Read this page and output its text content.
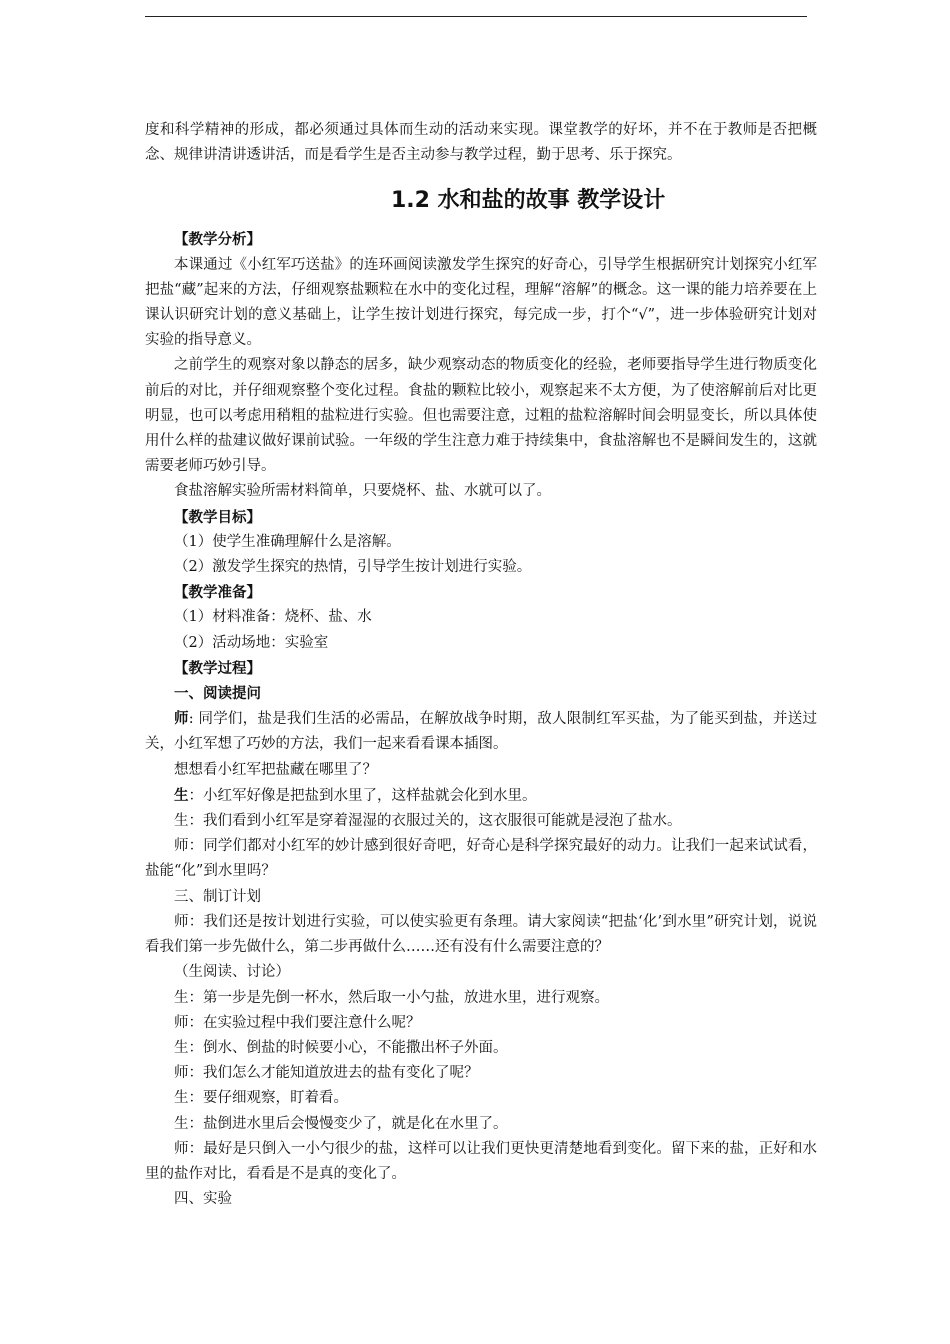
度和科学精神的形成，都必须通过具体而生动的活动来实现。课堂教学的好坏，并不在于教师是否把概念、规律讲清讲透讲活，而是看学生是否主动参与教学过程，勤于思考、乐于探究。

1.2 水和盐的故事 教学设计

【教学分析】

本课通过《小红军巧送盐》的连环画阅读激发学生探究的好奇心，引导学生根据研究计划探究小红军把盐“藏”起来的方法，仔细观察盐颗粒在水中的变化过程，理解“溶解”的概念。这一课的能力培养要在上课认识研究计划的意义基础上，让学生按计划进行探究，每完成一步，打个“√”，进一步体验研究计划对实验的指导意义。

之前学生的观察对象以静态的居多，缺少观察动态的物质变化的经验，老师要指导学生进行物质变化前后的对比，并仔细观察整个变化过程。食盐的颗粒比较小，观察起来不太方便，为了使溶解前后对比更明显，也可以考虑用稍粗的盐粒进行实验。但也需要注意，过粗的盐粒溶解时间会明显变长，所以具体使用什么样的盐建议做好课前试验。一年级的学生注意力难于持续集中，食盐溶解也不是瞬间发生的，这就需要老师巧妙引导。

食盐溶解实验所需材料简单，只要烧杯、盐、水就可以了。

【教学目标】

（1）使学生准确理解什么是溶解。

（2）激发学生探究的热情，引导学生按计划进行实验。

【教学准备】

（1）材料准备：烧杯、盐、水

（2）活动场地：实验室

【教学过程】

一、阅读提问

师: 同学们，盐是我们生活的必需品，在解放战争时期，敌人限制红军买盐，为了能买到盐，并送过关，小红军想了巧妙的方法，我们一起来看看课本插图。

想想看小红军把盐藏在哪里了？

生：小红军好像是把盐到水里了，这样盐就会化到水里。

生：我们看到小红军是穿着湿湿的衣服过关的，这衣服很可能就是浸泡了盐水。

师：同学们都对小红军的妙计感到很好奇吧，好奇心是科学探究最好的动力。让我们一起来试试看，盐能“化”到水里吗？

三、制订计划

师：我们还是按计划进行实验，可以使实验更有条理。请大家阅读“把盐‘化’到水里”研究计划，说说看我们第一步先做什么，第二步再做什么……还有没有什么需要注意的？

（生阅读、讨论）

生：第一步是先倒一杯水，然后取一小勺盐，放进水里，进行观察。

师：在实验过程中我们要注意什么呢？

生：倒水、倒盐的时候要小心，不能撒出杯子外面。

师：我们怎么才能知道放进去的盐有变化了呢？

生：要仔细观察，盯着看。

生：盐倒进水里后会慢慢变少了，就是化在水里了。

师：最好是只倒入一小勺很少的盐，这样可以让我们更快更清楚地看到变化。留下来的盐，正好和水里的盐作对比，看看是不是真的变化了。

四、实验
